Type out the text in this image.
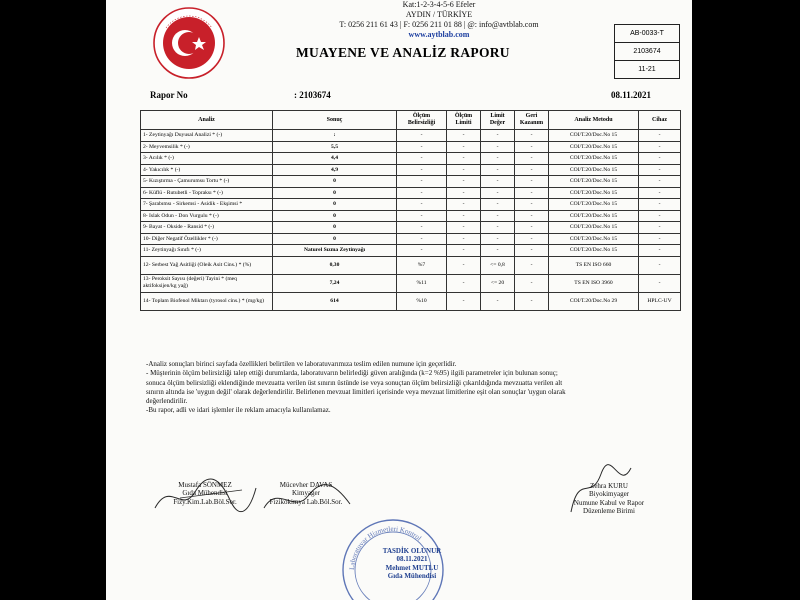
Kat:1-2-3-4-5-6 Efeler
AYDIN / TÜRKİYE
T: 0256 211 61 43 | F: 0256 211 01 88 | @: info@avtblab.com
www.aytblab.com	AB-0033-T
2103674
11-21
MUAYENE VE ANALİZ RAPORU
Rapor No	: 2103674	08.11.2021
Analiz	Sonuç	Ölçüm Belirsizliği	Ölçüm Limiti	Limit Değer	Geri Kazanım	Analiz Metodu	Cihaz
1- Zeytinyağı Duyusal Analizi * (-)	:	-	-	-	-	COI/T.20/Doc.No 15	-
2- Meyvemsilik * (-)	5,5	-	-	-	-	COI/T.20/Doc.No 15	-
3- Acılık * (-)	4,4	-	-	-	-	COI/T.20/Doc.No 15	-
4- Yakıcılık * (-)	4,9	-	-	-	-	COI/T.20/Doc.No 15	-
5- Kızıştırma - Çamurumsu Tortu * (-)	0	-	-	-	-	COI/T.20/Doc.No 15	-
6- Küflü - Rutubetli - Topraksı * (-)	0	-	-	-	-	COI/T.20/Doc.No 15	-
7- Şarabımsı - Sirkemsi - Asidik - Ekşimsi *	0	-	-	-	-	COI/T.20/Doc.No 15	-
8- Islak Odun - Don Vurgulu * (-)	0	-	-	-	-	COI/T.20/Doc.No 15	-
9- Bayat - Oksidе - Ransid * (-)	0	-	-	-	-	COI/T.20/Doc.No 15	-
10- Diğer Negatif Özellikler * (-)	0	-	-	-	-	COI/T.20/Doc.No 15	-
11- Zeytinyağı Sınıfı * (-)	Naturel Sızma Zeytinyağı	-	-	-	-	COI/T.20/Doc.No 15	-
12- Serbest Yağ Asitliği (Oleik Asit Cins.) * (%)	0,30	%7	-	<= 0,8	-	TS EN ISO 660	-
13- Peroksit Sayısı (değeri) Tayini * (meq aktifoksijen/kg yağ)	7,24	%11	-	<= 20	-	TS EN ISO 3960	-
14- Toplam Biofenol Miktarı (tyrosol cins.) * (mg/kg)	614	%10	-	-	-	COI/T.20/Doc.No 29	HPLC-UV

-Analiz sonuçları birinci sayfada özellikleri belirtilen ve laboratuvarımıza teslim edilen numune için geçerlidir.

- Müşterinin ölçüm belirsizliği talep ettiği durumlarda, laboratuvarın belirlediği güven aralığında (k=2 %95) ilgili parametreler için bulunan sonuç;

sonuca ölçüm belirsizliği eklendiğinde mevzuatta verilen üst sınırın üstünde ise veya sonuçtan ölçüm belirsizliği çıkarıldığında mevzuatta verilen alt

sınırın altında ise 'uygun değil' olarak değerlendirilir. Belirlenen mevzuat limitleri içerisinde veya mevzuat limitlerine eşit olan sonuçlar 'uygun olarak

değerlendirilir.

-Bu rapor, adli ve idari işlemler ile reklam amacıyla kullanılamaz.

Mustafa SÖNMEZ
Gıda Mühendisi
Fizy.Kim.Lab.Böl.Sor.
Mücevher DAVAS
Kimyager
Fizikokimya Lab.Böl.Sor.
Zehra KURU
Biyokimyager
Numune Kabul ve Rapor
Düzenleme Birimi
Laboratuvar Hizmetleri Kontrol
TASDİK OLUNUR
08.11.2021
Mehmet MUTLU
Gıda Mühendisi
